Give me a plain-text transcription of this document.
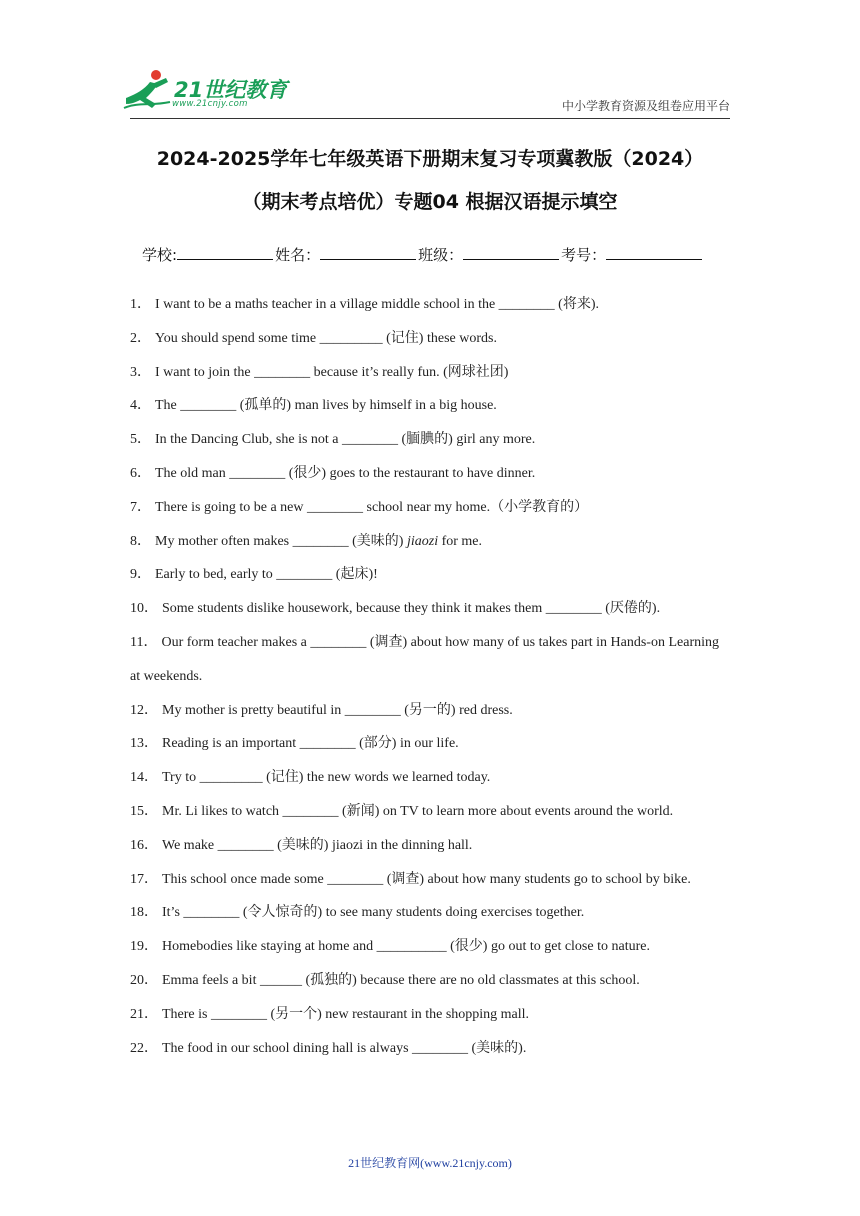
21世纪教育
www.21cnjy.com	中小学教育资源及组卷应用平台
2024-2025学年七年级英语下册期末复习专项冀教版（2024）
（期末考点培优）专题04 根据汉语提示填空
学校:	姓名：	班级：	考号：

1． I want to be a maths teacher in a village middle school in the ________ (将来).

2． You should spend some time _________ (记住) these words.

3． I want to join the ________ because it’s really fun. (网球社团)

4． The ________ (孤单的) man lives by himself in a big house.

5． In the Dancing Club, she is not a ________ (腼腆的) girl any more.

6． The old man ________ (很少) goes to the restaurant to have dinner.

7． There is going to be a new ________ school near my home.（小学教育的）

8． My mother often makes ________ (美味的) jiaozi for me.

9． Early to bed, early to ________ (起床)!

10． Some students dislike housework, because they think it makes them ________ (厌倦的).

11． Our form teacher makes a ________ (调查) about how many of us takes part in Hands-on Learning at weekends.

12． My mother is pretty beautiful in ________ (另一的) red dress.

13． Reading is an important ________ (部分) in our life.

14． Try to _________ (记住) the new words we learned today.

15． Mr. Li likes to watch ________ (新闻) on TV to learn more about events around the world.

16． We make ________ (美味的) jiaozi in the dinning hall.

17． This school once made some ________ (调查) about how many students go to school by bike.

18． It’s ________ (令人惊奇的) to see many students doing exercises together.

19． Homebodies like staying at home and __________ (很少) go out to get close to nature.

20． Emma feels a bit ______ (孤独的) because there are no old classmates at this school.

21． There is ________ (另一个) new restaurant in the shopping mall.

22． The food in our school dining hall is always ________ (美味的).

21世纪教育网(www.21cnjy.com)
